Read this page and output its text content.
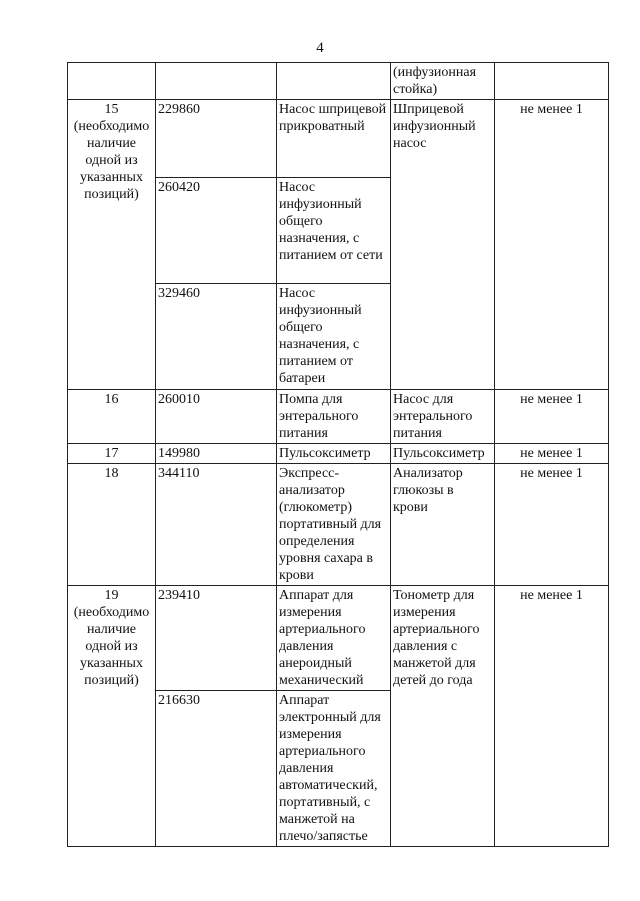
4
			(инфузионная стойка)	
15 (необходимо наличие одной из указанных позиций)	229860	Насос шприцевой прикроватный	Шприцевой инфузионный насос	не менее 1
	260420	Насос инфузионный общего назначения, с питанием от сети		
	329460	Насос инфузионный общего назначения, с питанием от батареи		
16	260010	Помпа для энтерального питания	Насос для энтерального питания	не менее 1
17	149980	Пульсоксиметр	Пульсоксиметр	не менее 1
18	344110	Экспресс-анализатор (глюкометр) портативный для определения уровня сахара в крови	Анализатор глюкозы в крови	не менее 1
19 (необходимо наличие одной из указанных позиций)	239410	Аппарат для измерения артериального давления анероидный механический	Тонометр для измерения артериального давления с манжетой для детей до года	не менее 1
	216630	Аппарат электронный для измерения артериального давления автоматический, портативный, с манжетой на плечо/запястье		
